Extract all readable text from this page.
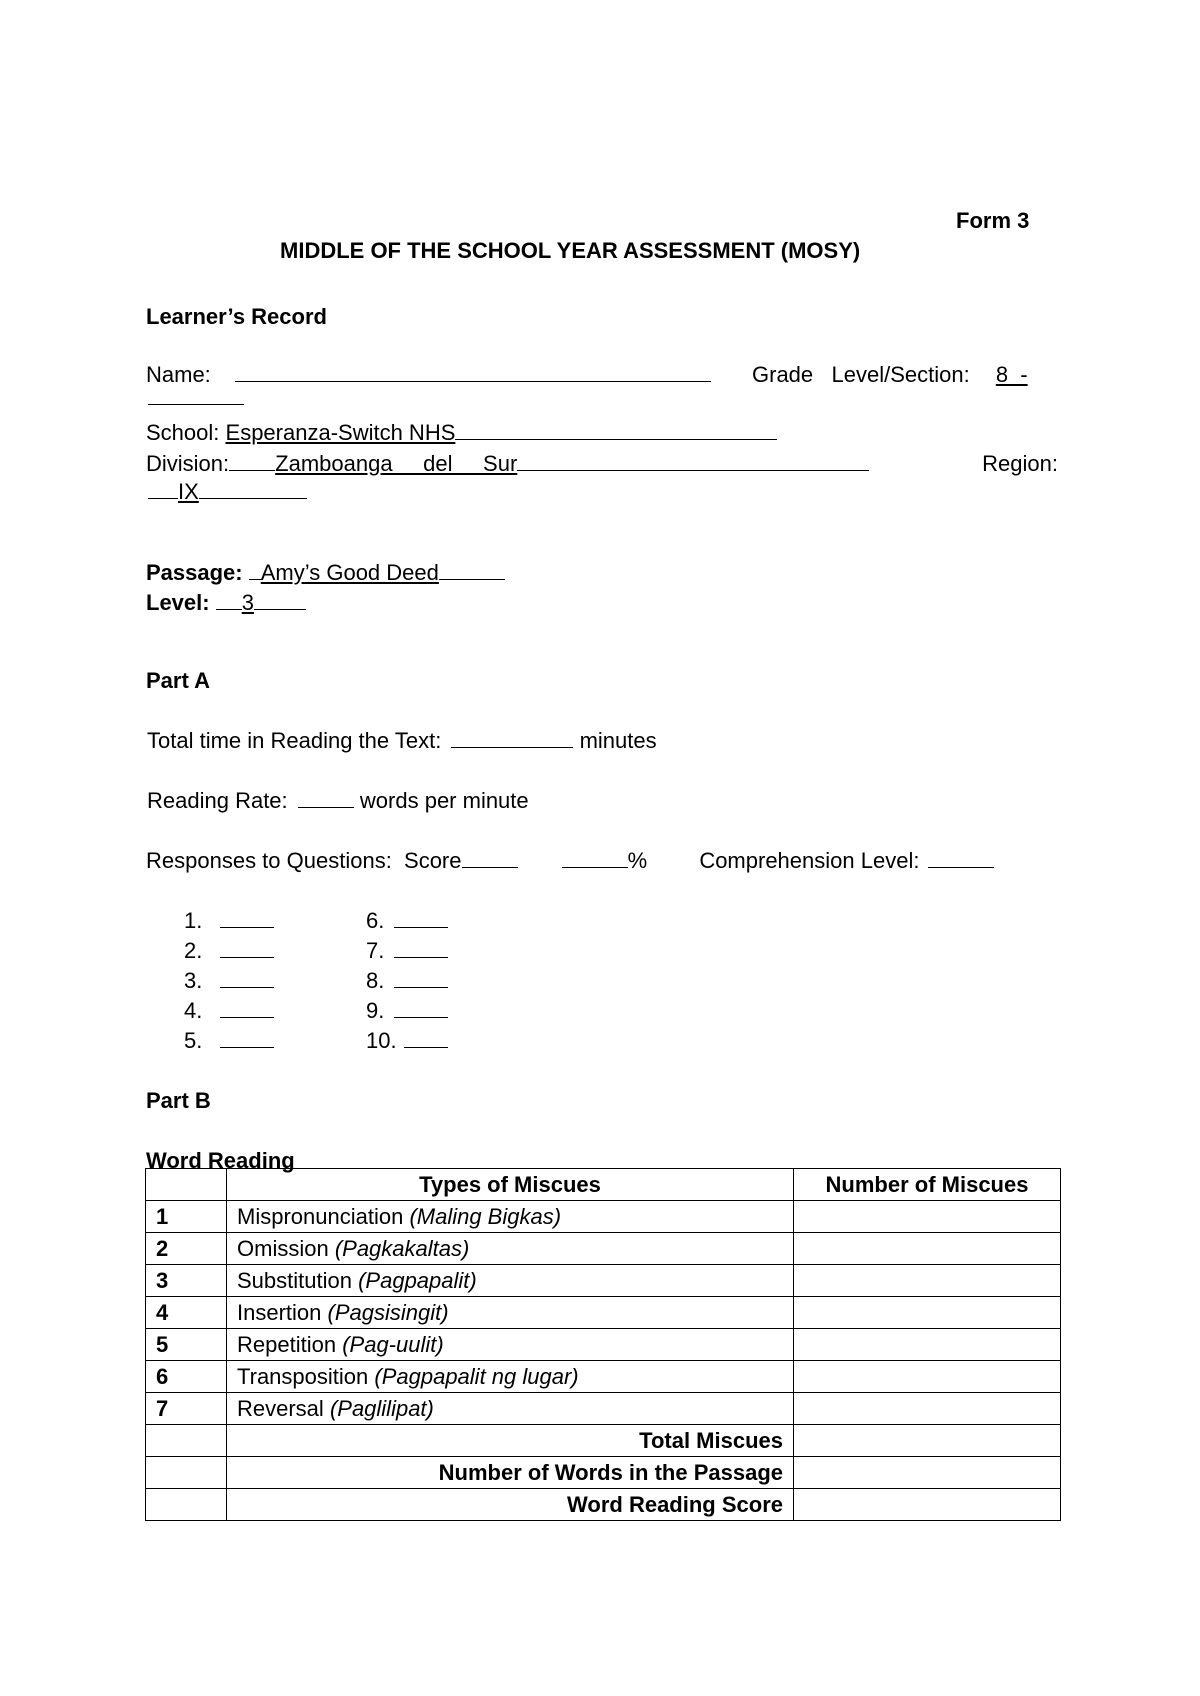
Form 3
MIDDLE OF THE SCHOOL YEAR ASSESSMENT (MOSY)
Learner’s Record
Name:	Grade   Level/Section: 8  -
School: Esperanza-Switch NHS
Division: Zamboanga     del     Sur	Region:
IX
Passage: Amy’s Good Deed
Level: 3
Part A
Total time in Reading the Text:	minutes
Reading Rate:	words per minute
Responses to Questions:  Score	% Comprehension Level:
1.
2.
3.
4.
5.
6.
7.
8.
9.
10.
Part B
Word Reading
	Types of Miscues	Number of Miscues
1	Mispronunciation (Maling Bigkas)	
2	Omission (Pagkakaltas)	
3	Substitution (Pagpapalit)	
4	Insertion (Pagsisingit)	
5	Repetition (Pag-uulit)	
6	Transposition (Pagpapalit ng lugar)	
7	Reversal (Paglilipat)	
	Total Miscues	
	Number of Words in the Passage	
	Word Reading Score	
